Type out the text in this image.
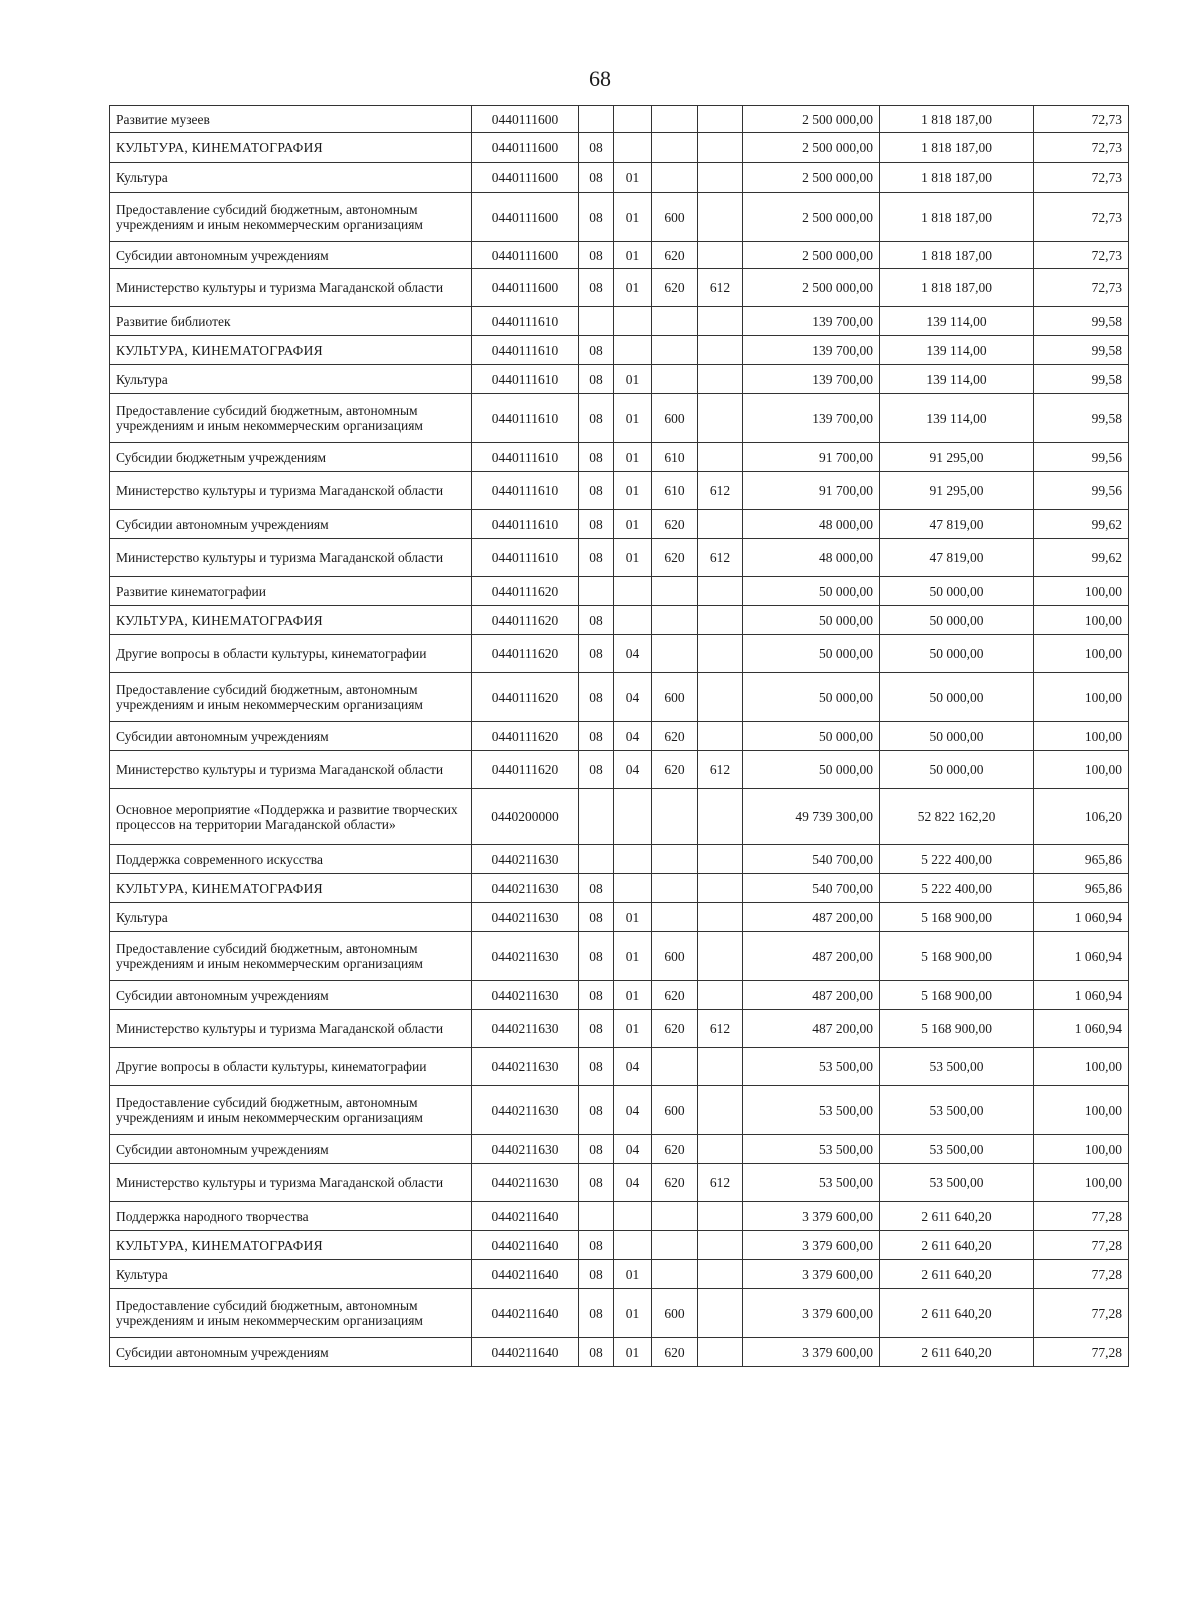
68
Развитие музеев	0440111600					2 500 000,00	1 818 187,00	72,73
КУЛЬТУРА, КИНЕМАТОГРАФИЯ	0440111600	08				2 500 000,00	1 818 187,00	72,73
Культура	0440111600	08	01			2 500 000,00	1 818 187,00	72,73
Предоставление субсидий бюджетным, автономным учреждениям и иным некоммерческим организациям	0440111600	08	01	600		2 500 000,00	1 818 187,00	72,73
Субсидии автономным учреждениям	0440111600	08	01	620		2 500 000,00	1 818 187,00	72,73
Министерство культуры и туризма Магаданской области	0440111600	08	01	620	612	2 500 000,00	1 818 187,00	72,73
Развитие библиотек	0440111610					139 700,00	139 114,00	99,58
КУЛЬТУРА, КИНЕМАТОГРАФИЯ	0440111610	08				139 700,00	139 114,00	99,58
Культура	0440111610	08	01			139 700,00	139 114,00	99,58
Предоставление субсидий бюджетным, автономным учреждениям и иным некоммерческим организациям	0440111610	08	01	600		139 700,00	139 114,00	99,58
Субсидии бюджетным учреждениям	0440111610	08	01	610		91 700,00	91 295,00	99,56
Министерство культуры и туризма Магаданской области	0440111610	08	01	610	612	91 700,00	91 295,00	99,56
Субсидии автономным учреждениям	0440111610	08	01	620		48 000,00	47 819,00	99,62
Министерство культуры и туризма Магаданской области	0440111610	08	01	620	612	48 000,00	47 819,00	99,62
Развитие кинематографии	0440111620					50 000,00	50 000,00	100,00
КУЛЬТУРА, КИНЕМАТОГРАФИЯ	0440111620	08				50 000,00	50 000,00	100,00
Другие вопросы в области культуры, кинематографии	0440111620	08	04			50 000,00	50 000,00	100,00
Предоставление субсидий бюджетным, автономным учреждениям и иным некоммерческим организациям	0440111620	08	04	600		50 000,00	50 000,00	100,00
Субсидии автономным учреждениям	0440111620	08	04	620		50 000,00	50 000,00	100,00
Министерство культуры и туризма Магаданской области	0440111620	08	04	620	612	50 000,00	50 000,00	100,00
Основное мероприятие «Поддержка и развитие творческих процессов на территории Магаданской области»	0440200000					49 739 300,00	52 822 162,20	106,20
Поддержка современного искусства	0440211630					540 700,00	5 222 400,00	965,86
КУЛЬТУРА, КИНЕМАТОГРАФИЯ	0440211630	08				540 700,00	5 222 400,00	965,86
Культура	0440211630	08	01			487 200,00	5 168 900,00	1 060,94
Предоставление субсидий бюджетным, автономным учреждениям и иным некоммерческим организациям	0440211630	08	01	600		487 200,00	5 168 900,00	1 060,94
Субсидии автономным учреждениям	0440211630	08	01	620		487 200,00	5 168 900,00	1 060,94
Министерство культуры и туризма Магаданской области	0440211630	08	01	620	612	487 200,00	5 168 900,00	1 060,94
Другие вопросы в области культуры, кинематографии	0440211630	08	04			53 500,00	53 500,00	100,00
Предоставление субсидий бюджетным, автономным учреждениям и иным некоммерческим организациям	0440211630	08	04	600		53 500,00	53 500,00	100,00
Субсидии автономным учреждениям	0440211630	08	04	620		53 500,00	53 500,00	100,00
Министерство культуры и туризма Магаданской области	0440211630	08	04	620	612	53 500,00	53 500,00	100,00
Поддержка народного творчества	0440211640					3 379 600,00	2 611 640,20	77,28
КУЛЬТУРА, КИНЕМАТОГРАФИЯ	0440211640	08				3 379 600,00	2 611 640,20	77,28
Культура	0440211640	08	01			3 379 600,00	2 611 640,20	77,28
Предоставление субсидий бюджетным, автономным учреждениям и иным некоммерческим организациям	0440211640	08	01	600		3 379 600,00	2 611 640,20	77,28
Субсидии автономным учреждениям	0440211640	08	01	620		3 379 600,00	2 611 640,20	77,28
